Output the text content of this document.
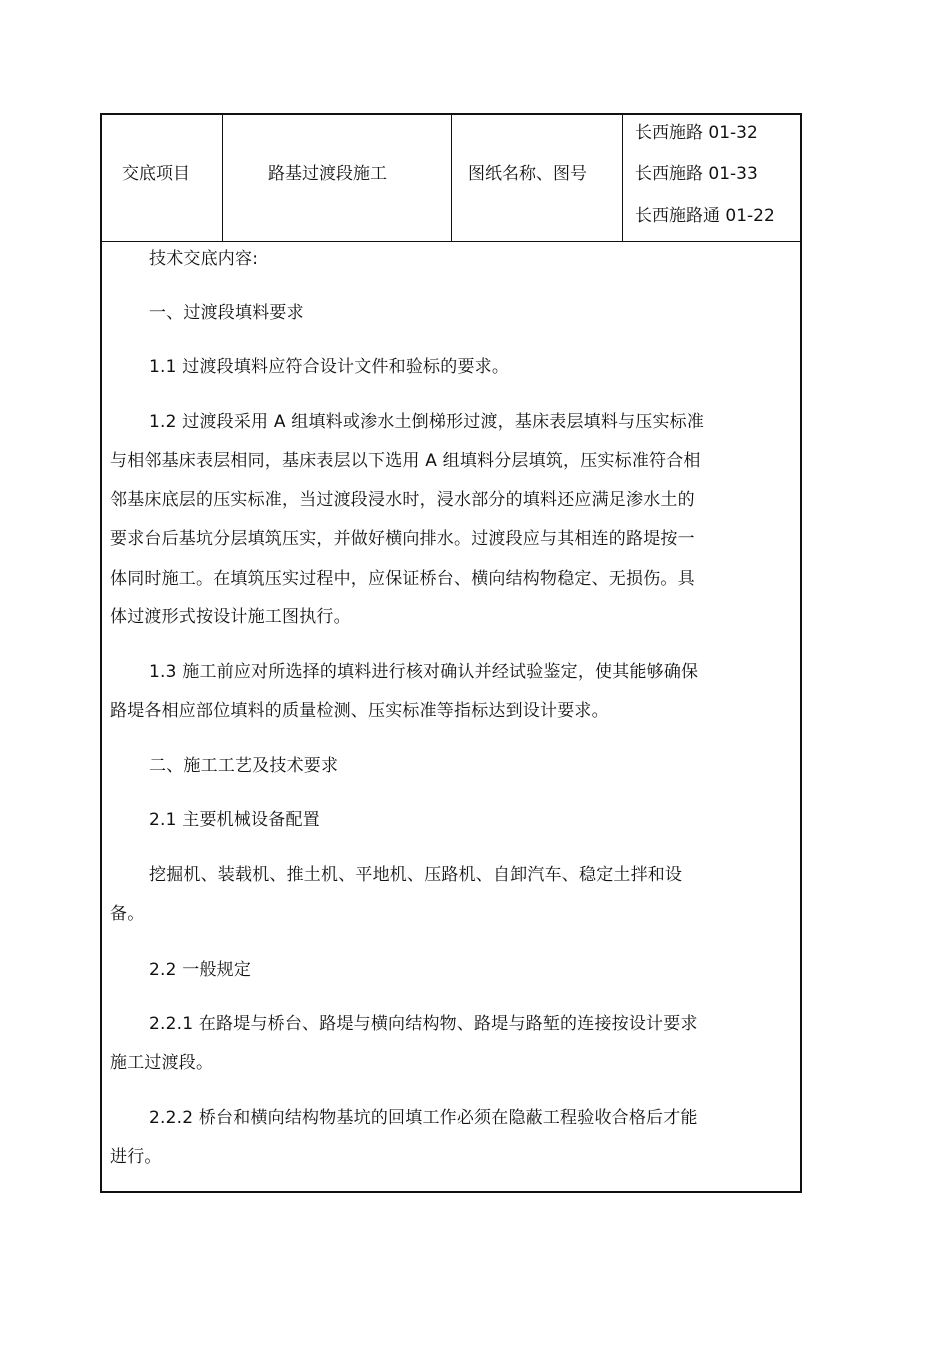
交底项目	路基过渡段施工	图纸名称、图号
长西施路 01-32
长西施路 01-33
长西施路通 01-22
技术交底内容:
一、过渡段填料要求
1.1 过渡段填料应符合设计文件和验标的要求。
1.2 过渡段采用 A 组填料或渗水土倒梯形过渡，基床表层填料与压实标准
与相邻基床表层相同，基床表层以下选用 A 组填料分层填筑，压实标准符合相
邻基床底层的压实标准，当过渡段浸水时，浸水部分的填料还应满足渗水土的
要求台后基坑分层填筑压实，并做好横向排水。过渡段应与其相连的路堤按一
体同时施工。在填筑压实过程中，应保证桥台、横向结构物稳定、无损伤。具
体过渡形式按设计施工图执行。
1.3 施工前应对所选择的填料进行核对确认并经试验鉴定，使其能够确保
路堤各相应部位填料的质量检测、压实标准等指标达到设计要求。
二、施工工艺及技术要求
2.1 主要机械设备配置
挖掘机、装载机、推土机、平地机、压路机、自卸汽车、稳定土拌和设
备。
2.2 一般规定
2.2.1 在路堤与桥台、路堤与横向结构物、路堤与路堑的连接按设计要求
施工过渡段。
2.2.2 桥台和横向结构物基坑的回填工作必须在隐蔽工程验收合格后才能
进行。
